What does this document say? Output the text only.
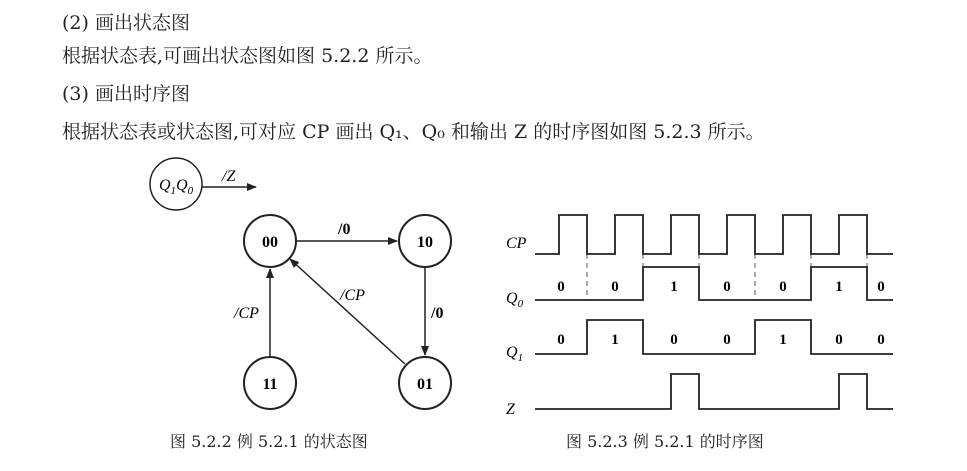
(2) 画出状态图
根据状态表,可画出状态图如图 5.2.2 所示。
(3) 画出时序图
根据状态表或状态图,可对应 CP 画出 Q₁、Q₀ 和输出 Z 的时序图如图 5.2.3 所示。
$Q_1Q_0$
/Z
00	10
01
11
/0
/0
/CP
/CP
CP
$Q_0$
$Q_1$
Z
0	0	1	0	0	1 0
0	1	0	0	1	0 0
图 5.2.2 例 5.2.1 的状态图	图 5.2.3 例 5.2.1 的时序图
